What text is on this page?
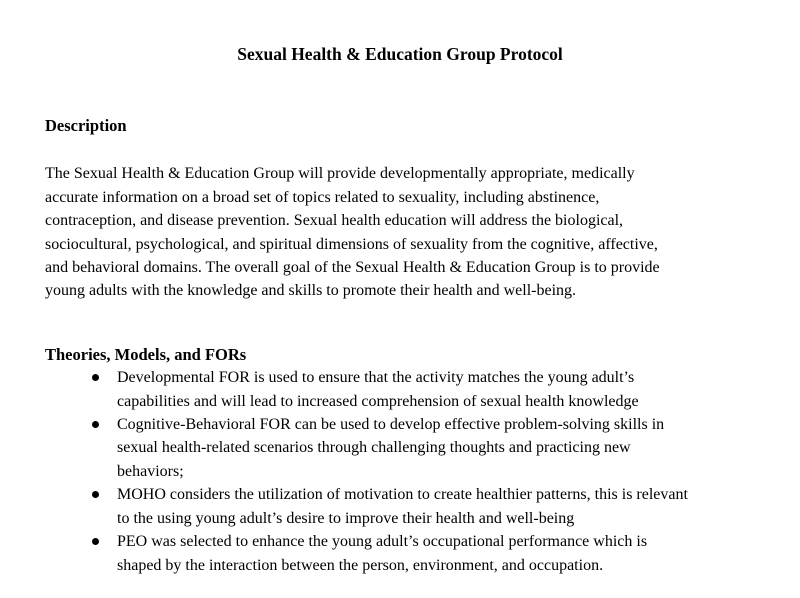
Sexual Health & Education Group Protocol
Description
The Sexual Health & Education Group will provide developmentally appropriate, medically
accurate information on a broad set of topics related to sexuality, including abstinence,
contraception, and disease prevention. Sexual health education will address the biological,
sociocultural, psychological, and spiritual dimensions of sexuality from the cognitive, affective,
and behavioral domains. The overall goal of the Sexual Health & Education Group is to provide
young adults with the knowledge and skills to promote their health and well-being.
Theories, Models, and FORs
Developmental FOR is used to ensure that the activity matches the young adult’s
capabilities and will lead to increased comprehension of sexual health knowledge
Cognitive-Behavioral FOR can be used to develop effective problem-solving skills in
sexual health-related scenarios through challenging thoughts and practicing new
behaviors;
MOHO considers the utilization of motivation to create healthier patterns, this is relevant
to the using young adult’s desire to improve their health and well-being
PEO was selected to enhance the young adult’s occupational performance which is
shaped by the interaction between the person, environment, and occupation.
